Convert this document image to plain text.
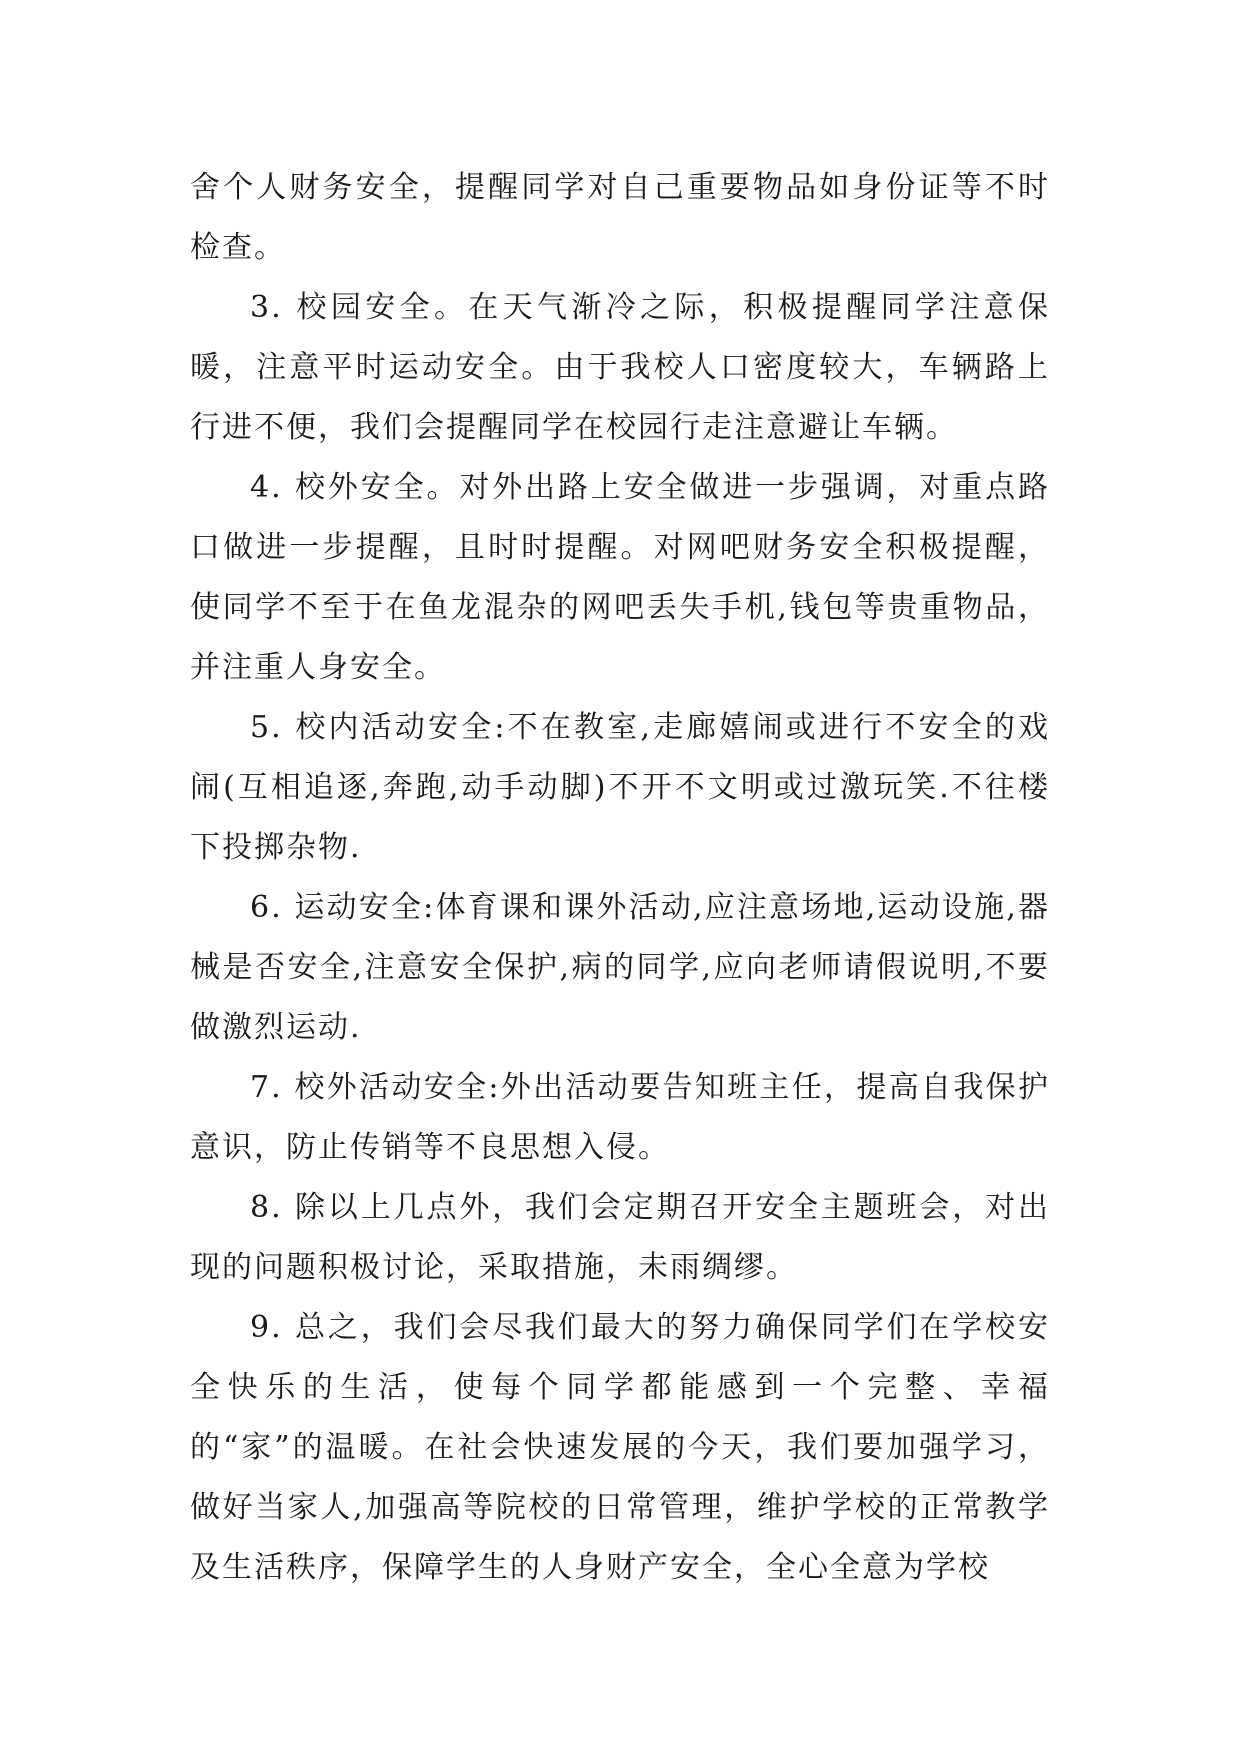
舍个人财务安全，提醒同学对自己重要物品如身份证等不时检查。

3. 校园安全。在天气渐冷之际，积极提醒同学注意保暖，注意平时运动安全。由于我校人口密度较大，车辆路上行进不便，我们会提醒同学在校园行走注意避让车辆。

4. 校外安全。对外出路上安全做进一步强调，对重点路口做进一步提醒，且时时提醒。对网吧财务安全积极提醒，使同学不至于在鱼龙混杂的网吧丢失手机,钱包等贵重物品，并注重人身安全。

5. 校内活动安全:不在教室,走廊嬉闹或进行不安全的戏闹(互相追逐,奔跑,动手动脚)不开不文明或过激玩笑.不往楼下投掷杂物.

6. 运动安全:体育课和课外活动,应注意场地,运动设施,器械是否安全,注意安全保护,病的同学,应向老师请假说明,不要做激烈运动.

7. 校外活动安全:外出活动要告知班主任，提高自我保护意识，防止传销等不良思想入侵。

8. 除以上几点外，我们会定期召开安全主题班会，对出现的问题积极讨论，采取措施，未雨绸缪。

9. 总之，我们会尽我们最大的努力确保同学们在学校安全快乐的生活，使每个同学都能感到一个完整、幸福的“家”的温暖。在社会快速发展的今天，我们要加强学习，做好当家人,加强高等院校的日常管理，维护学校的正常教学及生活秩序，保障学生的人身财产安全，全心全意为学校
